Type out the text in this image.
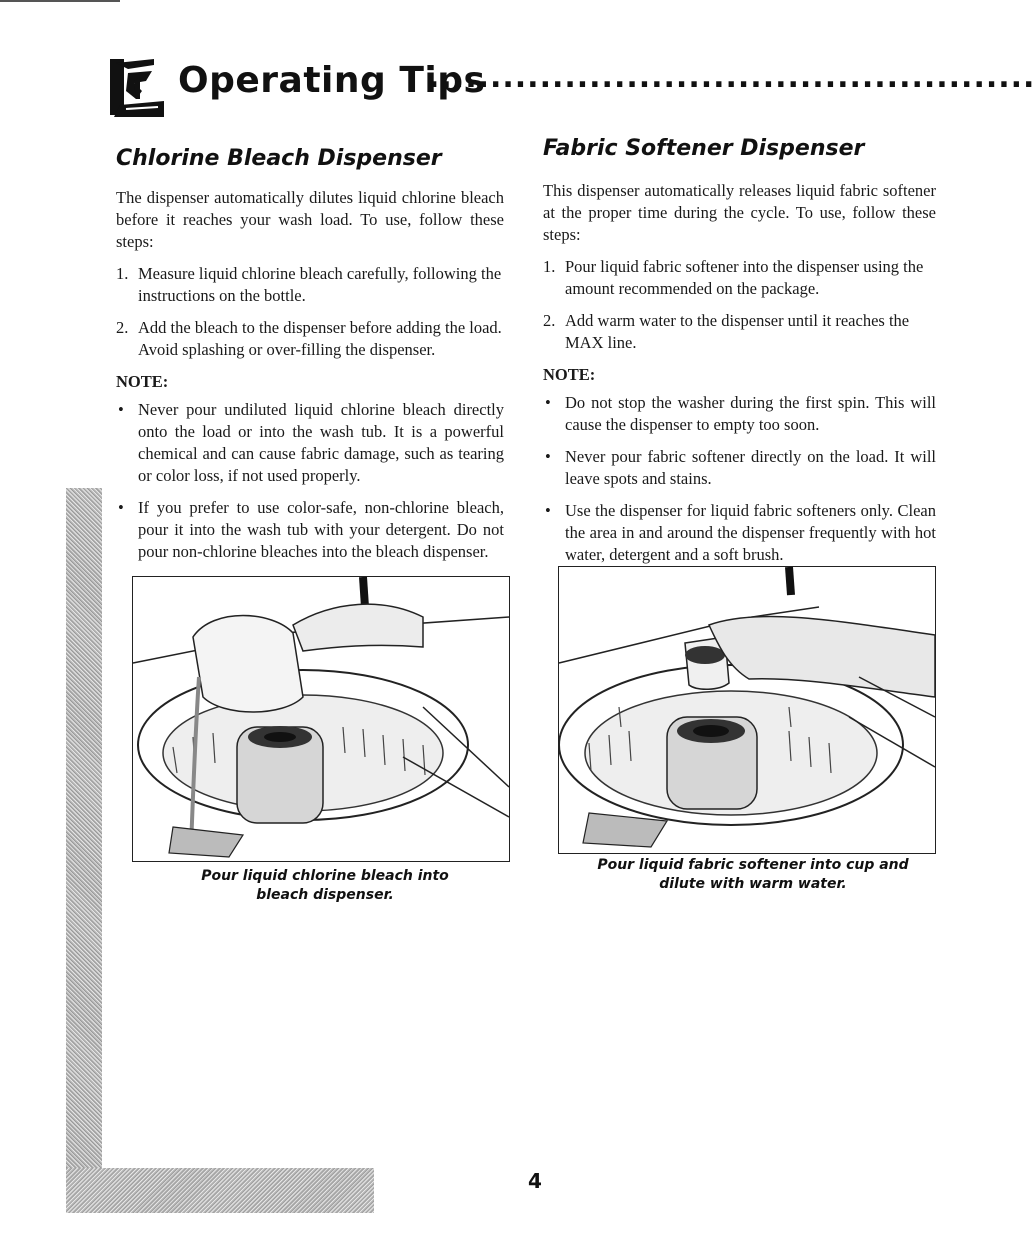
Operating Tips
.................................................
Chlorine Bleach Dispenser

The dispenser automatically dilutes liquid chlorine bleach before it reaches your wash load. To use, follow these steps:

1. Measure liquid chlorine bleach carefully, following the instructions on the bottle.
2. Add the bleach to the dispenser before adding the load. Avoid splashing or over-filling the dispenser.
NOTE:
• Never pour undiluted liquid chlorine bleach directly onto the load or into the wash tub. It is a powerful chemical and can cause fabric damage, such as tearing or color loss, if not used properly.
• If you prefer to use color-safe, non-chlorine bleach, pour it into the wash tub with your detergent. Do not pour non-chlorine bleaches into the bleach dispenser.
Fabric Softener Dispenser

This dispenser automatically releases liquid fabric softener at the proper time during the cycle. To use, follow these steps:

1. Pour liquid fabric softener into the dispenser using the amount recommended on the package.
2. Add warm water to the dispenser until it reaches the MAX line.
NOTE:
• Do not stop the washer during the first spin. This will cause the dispenser to empty too soon.
• Never pour fabric softener directly on the load. It will leave spots and stains.
• Use the dispenser for liquid fabric softeners only. Clean the area in and around the dispenser frequently with hot water, detergent and a soft brush.
Pour liquid chlorine bleach into
bleach dispenser.
Pour liquid fabric softener into cup and
dilute with warm water.
4
